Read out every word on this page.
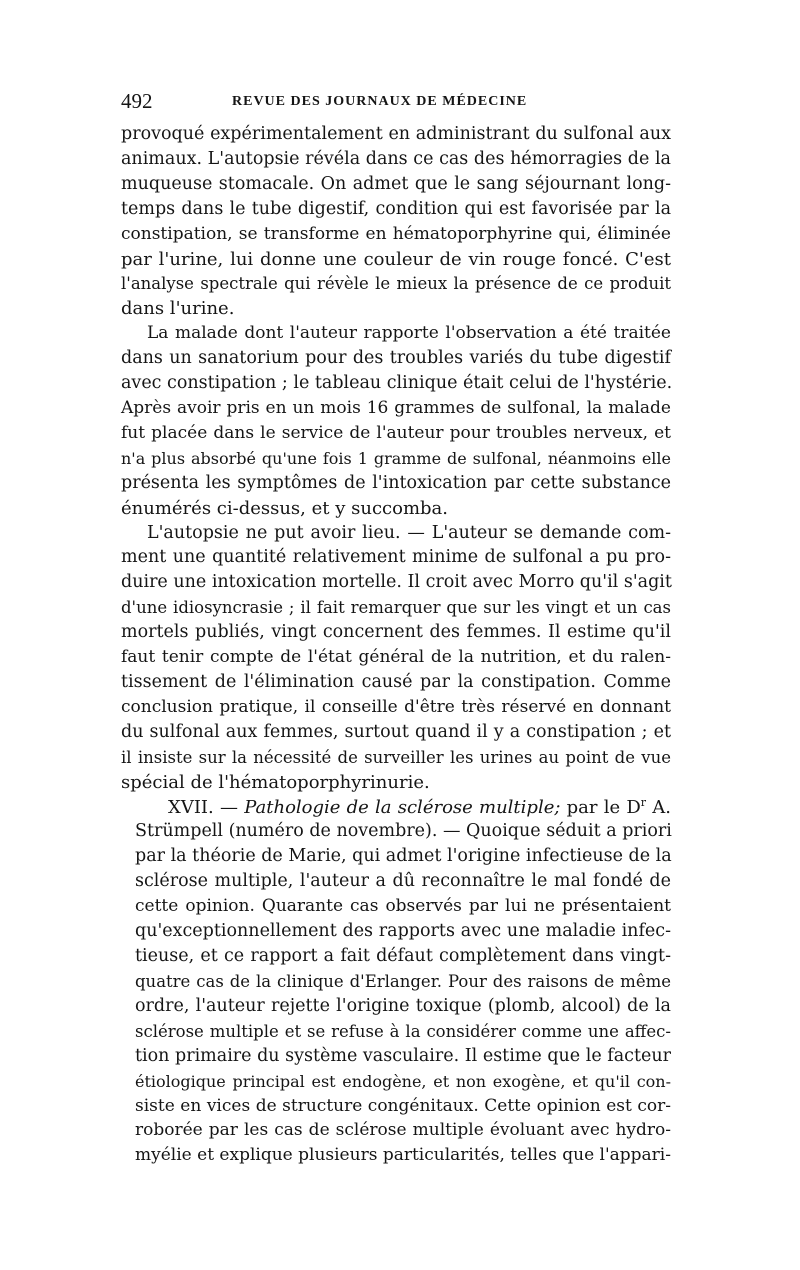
492	REVUE DES JOURNAUX DE MÉDECINE
provoqué expérimentalement en administrant du sulfonal aux
animaux. L'autopsie révéla dans ce cas des hémorragies de la
muqueuse stomacale. On admet que le sang séjournant long-
temps dans le tube digestif, condition qui est favorisée par la
constipation, se transforme en hématoporphyrine qui, éliminée
par l'urine, lui donne une couleur de vin rouge foncé. C'est
l'analyse spectrale qui révèle le mieux la présence de ce produit
dans l'urine.
La malade dont l'auteur rapporte l'observation a été traitée
dans un sanatorium pour des troubles variés du tube digestif
avec constipation ; le tableau clinique était celui de l'hystérie.
Après avoir pris en un mois 16 grammes de sulfonal, la malade
fut placée dans le service de l'auteur pour troubles nerveux, et
n'a plus absorbé qu'une fois 1 gramme de sulfonal, néanmoins elle
présenta les symptômes de l'intoxication par cette substance
énumérés ci-dessus, et y succomba.
L'autopsie ne put avoir lieu. — L'auteur se demande com-
ment une quantité relativement minime de sulfonal a pu pro-
duire une intoxication mortelle. Il croit avec Morro qu'il s'agit
d'une idiosyncrasie ; il fait remarquer que sur les vingt et un cas
mortels publiés, vingt concernent des femmes. Il estime qu'il
faut tenir compte de l'état général de la nutrition, et du ralen-
tissement de l'élimination causé par la constipation. Comme
conclusion pratique, il conseille d'être très réservé en donnant
du sulfonal aux femmes, surtout quand il y a constipation ; et
il insiste sur la nécessité de surveiller les urines au point de vue
spécial de l'hématoporphyrinurie.
XVII. — Pathologie de la sclérose multiple; par le $D^r$ A.
Strümpell (numéro de novembre). — Quoique séduit a priori
par la théorie de Marie, qui admet l'origine infectieuse de la
sclérose multiple, l'auteur a dû reconnaître le mal fondé de
cette opinion. Quarante cas observés par lui ne présentaient
qu'exceptionnellement des rapports avec une maladie infec-
tieuse, et ce rapport a fait défaut complètement dans vingt-
quatre cas de la clinique d'Erlanger. Pour des raisons de même
ordre, l'auteur rejette l'origine toxique (plomb, alcool) de la
sclérose multiple et se refuse à la considérer comme une affec-
tion primaire du système vasculaire. Il estime que le facteur
étiologique principal est endogène, et non exogène, et qu'il con-
siste en vices de structure congénitaux. Cette opinion est cor-
roborée par les cas de sclérose multiple évoluant avec hydro-
myélie et explique plusieurs particularités, telles que l'appari-
